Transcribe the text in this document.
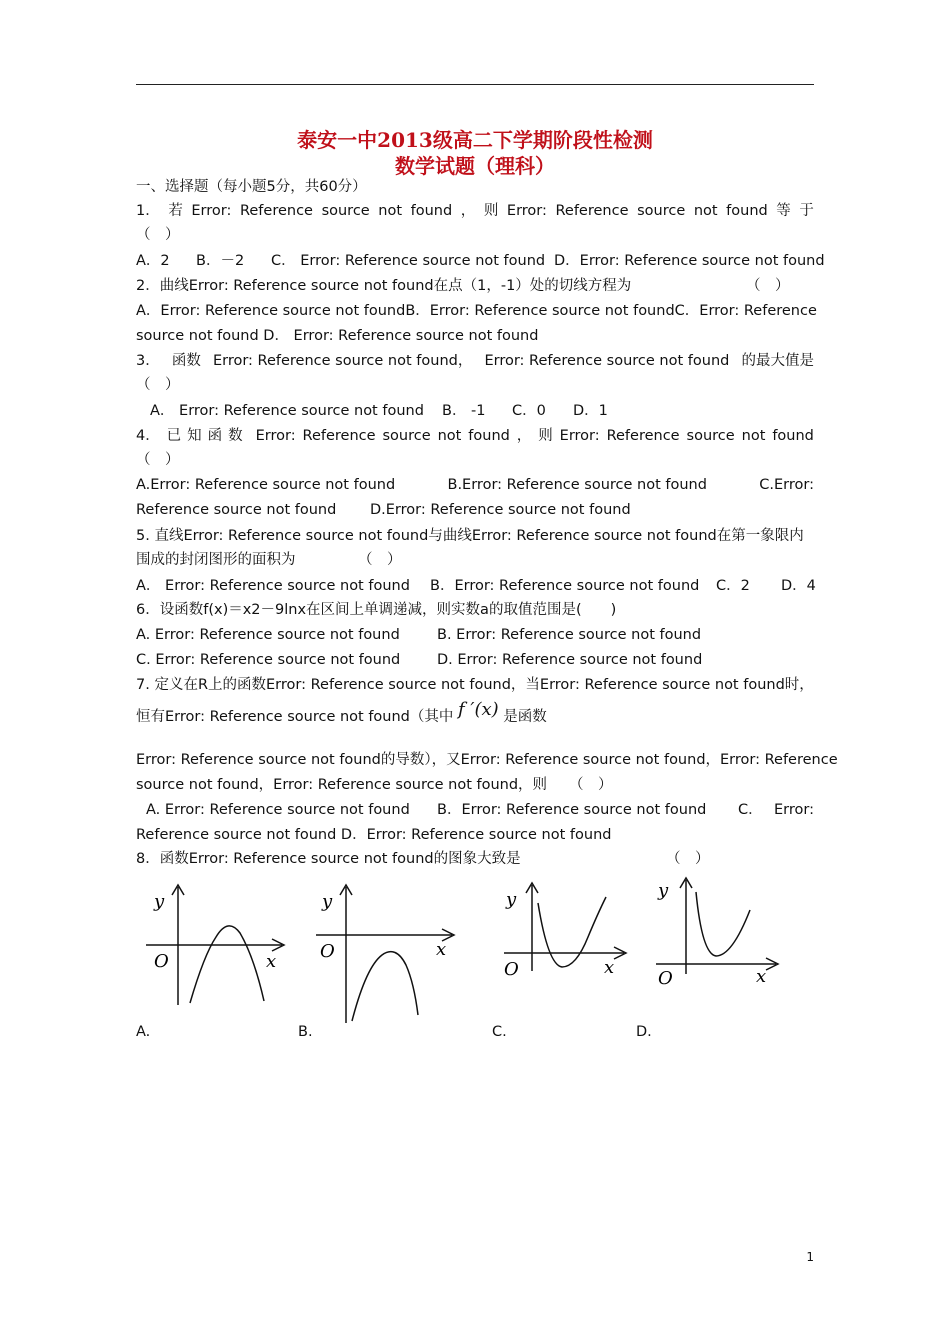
泰安一中2013级高二下学期阶段性检测
数学试题（理科）
一、选择题（每小题5分，共60分）
1． 若 Error: Reference source not found ， 则 Error: Reference source not found 等 于
（　）
A．2 B．－2 C． Error: Reference source not found D．Error: Reference source not found
2．曲线Error: Reference source not found在点（1，-1）处的切线方程为	（　）
A．Error: Reference source not found B．Error: Reference source not found C．Error: Reference
source not found D． Error: Reference source not found
3． 函数 Error: Reference source not found， Error: Reference source not found 的最大值是
（　）
A． Error: Reference source not found B． -1 C．0 D．1
4． 已知函数 Error: Reference source not found ， 则 Error: Reference source not found
（　）
A.Error: Reference source not found	B.Error: Reference source not found	C.Error:
Reference source not found D.Error: Reference source not found
5. 直线Error: Reference source not found与曲线Error: Reference source not found在第一象限内
围成的封闭图形的面积为	（　）
A． Error: Reference source not found B．Error: Reference source not found C．2 D．4
6．设函数f(x)＝x2－9lnx在区间上单调递减，则实数a的取值范围是(　　)
A. Error: Reference source not found	B. Error: Reference source not found
C. Error: Reference source not found	D. Error: Reference source not found
7. 定义在R上的函数Error: Reference source not found，当Error: Reference source not found时，
恒有Error: Reference source not found（其中 f ′(x) 是函数
Error: Reference source not found的导数），又Error: Reference source not found，Error: Reference
source not found，Error: Reference source not found，则 （　）
A. Error: Reference source not found B．Error: Reference source not found C． Error:
Reference source not found D．Error: Reference source not found
8．函数Error: Reference source not found的图象大致是	（　）
y
O	x
y
O	x
y
O	x
y
O	x
A.	B.	C.	D.
1
